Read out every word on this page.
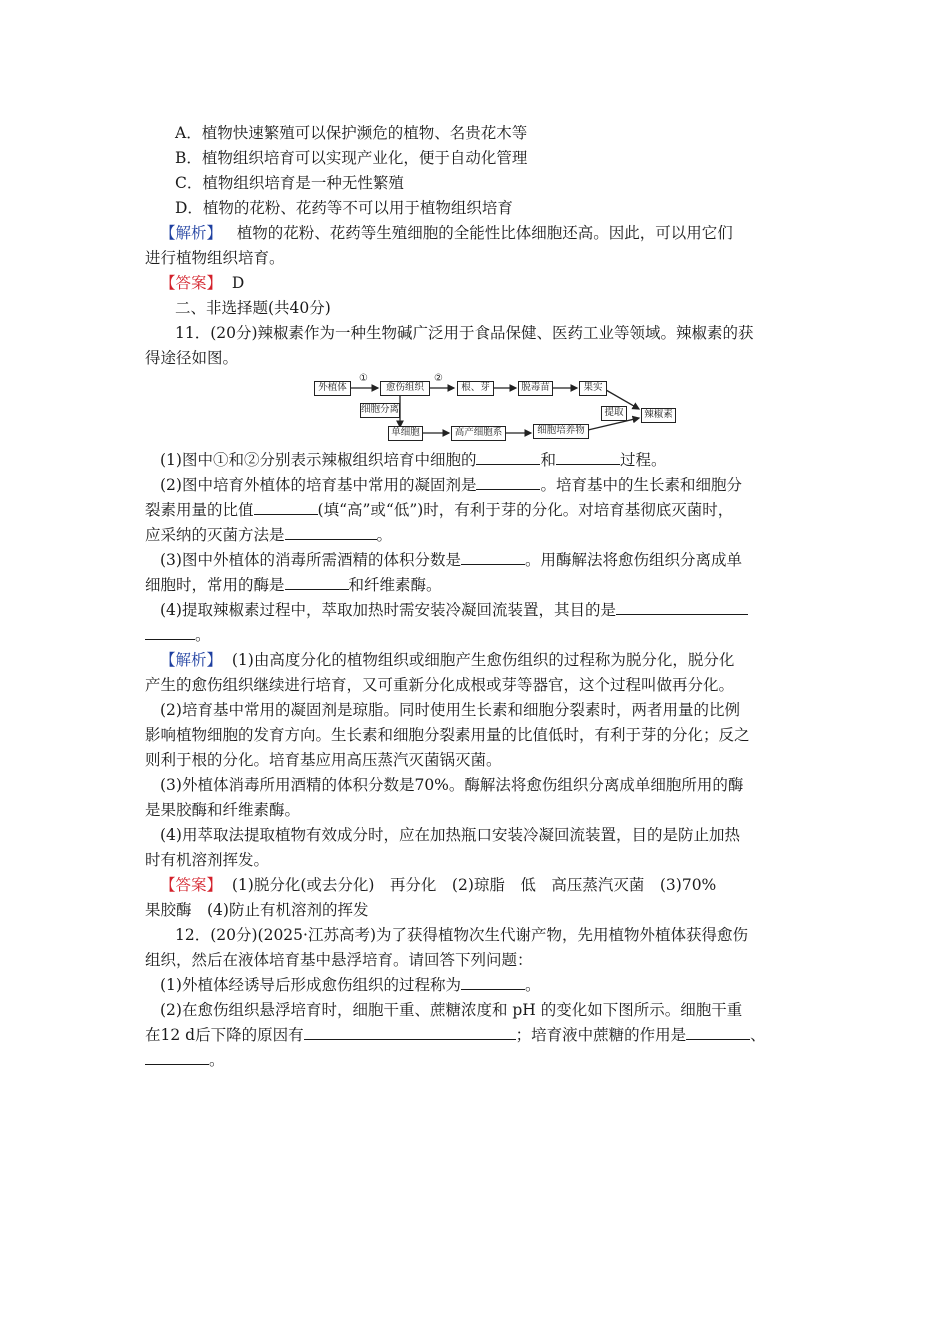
A．植物快速繁殖可以保护濒危的植物、名贵花木等
B．植物组织培育可以实现产业化，便于自动化管理
C．植物组织培育是一种无性繁殖
D．植物的花粉、花药等不可以用于植物组织培育
【解析】 植物的花粉、花药等生殖细胞的全能性比体细胞还高。因此，可以用它们
进行植物组织培育。
【答案】 D
二、非选择题(共40分)
11．(20分)辣椒素作为一种生物碱广泛用于食品保健、医药工业等领域。辣椒素的获
得途径如图。
外植体
①
愈伤组织
②
根、芽	脱毒苗	果实
细胞分离	提取	辣椒素
单细胞	高产细胞系	细胞培养物
(1)图中①和②分别表示辣椒组织培育中细胞的	和	过程。
(2)图中培育外植体的培育基中常用的凝固剂是	。培育基中的生长素和细胞分
裂素用量的比值	(填“高”或“低”)时，有利于芽的分化。对培育基彻底灭菌时，
应采纳的灭菌方法是	。
(3)图中外植体的消毒所需酒精的体积分数是	。用酶解法将愈伤组织分离成单
细胞时，常用的酶是	和纤维素酶。
(4)提取辣椒素过程中，萃取加热时需安装冷凝回流装置，其目的是
。
【解析】 (1)由高度分化的植物组织或细胞产生愈伤组织的过程称为脱分化，脱分化
产生的愈伤组织继续进行培育，又可重新分化成根或芽等器官，这个过程叫做再分化。
(2)培育基中常用的凝固剂是琼脂。同时使用生长素和细胞分裂素时，两者用量的比例
影响植物细胞的发育方向。生长素和细胞分裂素用量的比值低时，有利于芽的分化；反之
则利于根的分化。培育基应用高压蒸汽灭菌锅灭菌。
(3)外植体消毒所用酒精的体积分数是70%。酶解法将愈伤组织分离成单细胞所用的酶
是果胶酶和纤维素酶。
(4)用萃取法提取植物有效成分时，应在加热瓶口安装冷凝回流装置，目的是防止加热
时有机溶剂挥发。
【答案】 (1)脱分化(或去分化)　再分化　(2)琼脂　低　高压蒸汽灭菌　(3)70%
果胶酶　(4)防止有机溶剂的挥发
12．(20分)(2025·江苏高考)为了获得植物次生代谢产物，先用植物外植体获得愈伤
组织，然后在液体培育基中悬浮培育。请回答下列问题：
(1)外植体经诱导后形成愈伤组织的过程称为	。
(2)在愈伤组织悬浮培育时，细胞干重、蔗糖浓度和 pH 的变化如下图所示。细胞干重
在12 d后下降的原因有	；培育液中蔗糖的作用是	、
。
